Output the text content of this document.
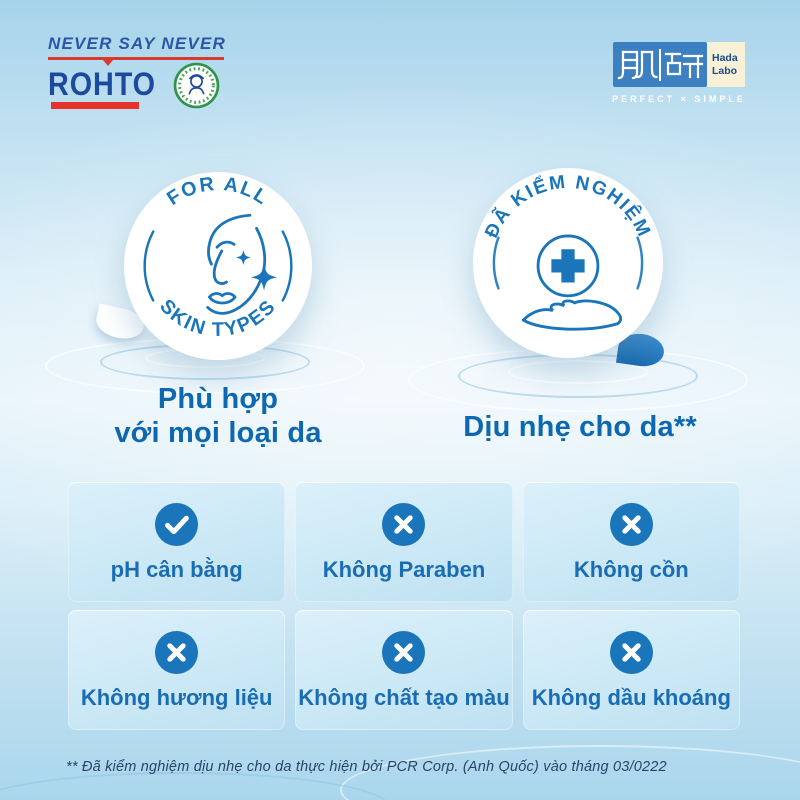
NEVER SAY NEVER
ROHTO
Hada
Labo
PERFECT × SIMPLE
FOR ALL
SKIN TYPES
ĐÃ KIỂM NGHIỆM
Phù hợp
với mọi loại da	Dịu nhẹ cho da**
pH cân bằng	Không Paraben	Không cồn
Không hương liệu Không chất tạo màu Không dầu khoáng
** Đã kiểm nghiệm dịu nhẹ cho da thực hiện bởi PCR Corp. (Anh Quốc) vào tháng 03/0222
